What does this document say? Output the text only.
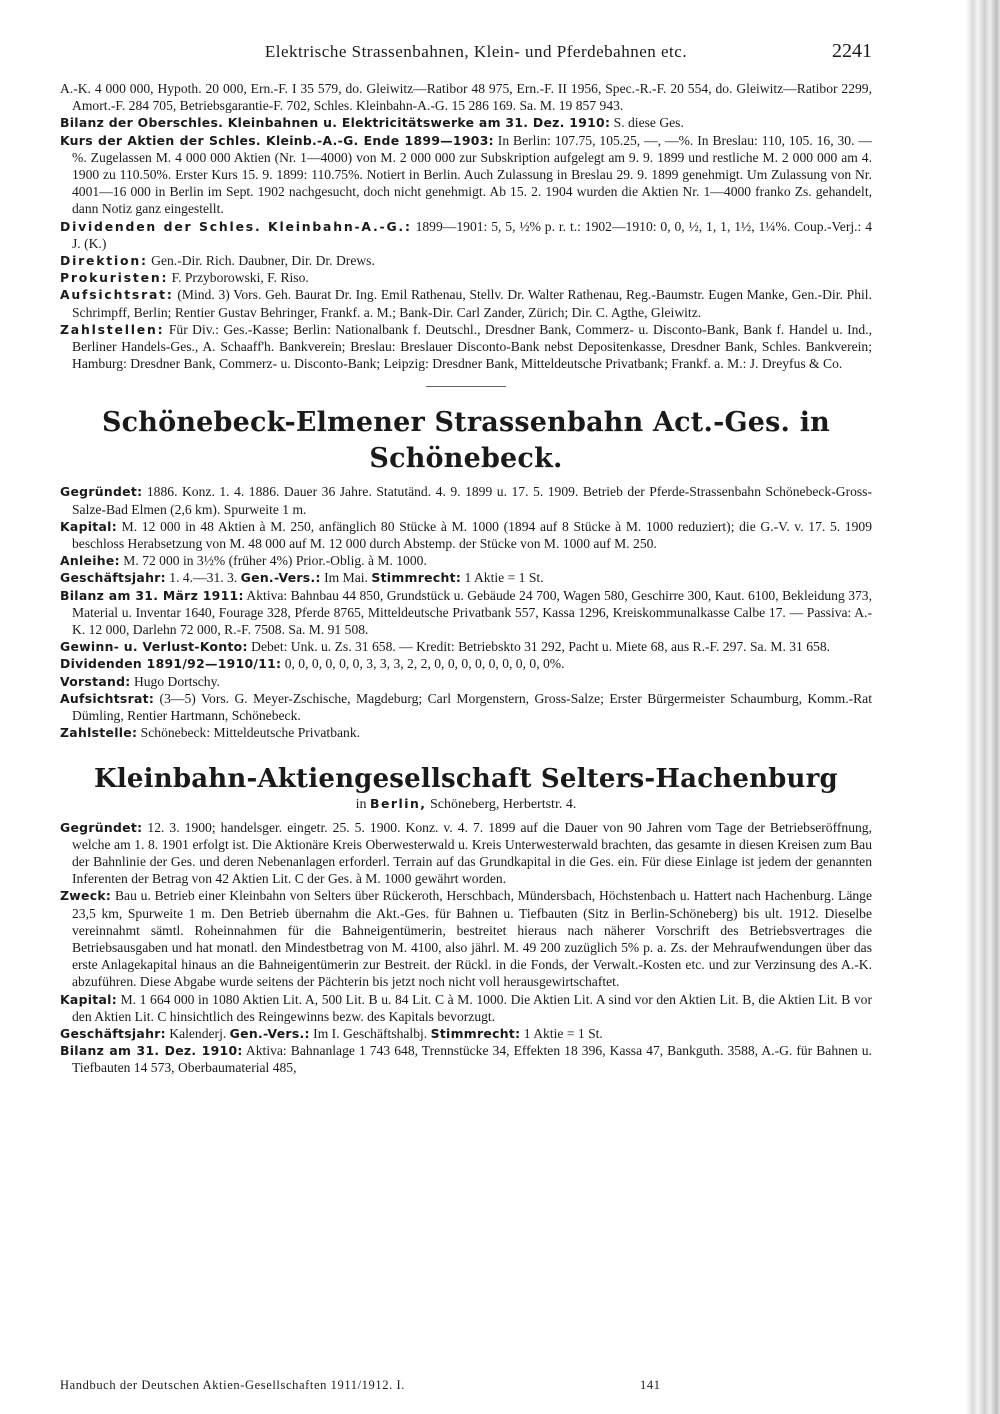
Elektrische Strassenbahnen, Klein- und Pferdebahnen etc.	2241

A.-K. 4 000 000, Hypoth. 20 000, Ern.-F. I 35 579, do. Gleiwitz—Ratibor 48 975, Ern.-F. II 1956, Spec.-R.-F. 20 554, do. Gleiwitz—Ratibor 2299, Amort.-F. 284 705, Betriebsgarantie-F. 702, Schles. Kleinbahn-A.-G. 15 286 169. Sa. M. 19 857 943.

Bilanz der Oberschles. Kleinbahnen u. Elektricitätswerke am 31. Dez. 1910: S. diese Ges.

Kurs der Aktien der Schles. Kleinb.-A.-G. Ende 1899—1903: In Berlin: 107.75, 105.25, —, —%. In Breslau: 110, 105. 16, 30. —%. Zugelassen M. 4 000 000 Aktien (Nr. 1—4000) von M. 2 000 000 zur Subskription aufgelegt am 9. 9. 1899 und restliche M. 2 000 000 am 4. 1900 zu 110.50%. Erster Kurs 15. 9. 1899: 110.75%. Notiert in Berlin. Auch Zulassung in Breslau 29. 9. 1899 genehmigt. Um Zulassung von Nr. 4001—16 000 in Berlin im Sept. 1902 nachgesucht, doch nicht genehmigt. Ab 15. 2. 1904 wurden die Aktien Nr. 1—4000 franko Zs. gehandelt, dann Notiz ganz eingestellt.

Dividenden der Schles. Kleinbahn-A.-G.: 1899—1901: 5, 5, ½% p. r. t.: 1902—1910: 0, 0, ½, 1, 1, 1½, 1¼%. Coup.-Verj.: 4 J. (K.)

Direktion: Gen.-Dir. Rich. Daubner, Dir. Dr. Drews.

Prokuristen: F. Przyborowski, F. Riso.

Aufsichtsrat: (Mind. 3) Vors. Geh. Baurat Dr. Ing. Emil Rathenau, Stellv. Dr. Walter Rathenau, Reg.-Baumstr. Eugen Manke, Gen.-Dir. Phil. Schrimpff, Berlin; Rentier Gustav Behringer, Frankf. a. M.; Bank-Dir. Carl Zander, Zürich; Dir. C. Agthe, Gleiwitz.

Zahlstellen: Für Div.: Ges.-Kasse; Berlin: Nationalbank f. Deutschl., Dresdner Bank, Commerz- u. Disconto-Bank, Bank f. Handel u. Ind., Berliner Handels-Ges., A. Schaaff'h. Bankverein; Breslau: Breslauer Disconto-Bank nebst Depositenkasse, Dresdner Bank, Schles. Bankverein; Hamburg: Dresdner Bank, Commerz- u. Disconto-Bank; Leipzig: Dresdner Bank, Mitteldeutsche Privatbank; Frankf. a. M.: J. Dreyfus & Co.

Schönebeck-Elmener Strassenbahn Act.-Ges. in Schönebeck.

Gegründet: 1886. Konz. 1. 4. 1886. Dauer 36 Jahre. Statutänd. 4. 9. 1899 u. 17. 5. 1909. Betrieb der Pferde-Strassenbahn Schönebeck-Gross-Salze-Bad Elmen (2,6 km). Spurweite 1 m.

Kapital: M. 12 000 in 48 Aktien à M. 250, anfänglich 80 Stücke à M. 1000 (1894 auf 8 Stücke à M. 1000 reduziert); die G.-V. v. 17. 5. 1909 beschloss Herabsetzung von M. 48 000 auf M. 12 000 durch Abstemp. der Stücke von M. 1000 auf M. 250.

Anleihe: M. 72 000 in 3½% (früher 4%) Prior.-Oblig. à M. 1000.

Geschäftsjahr: 1. 4.—31. 3. Gen.-Vers.: Im Mai. Stimmrecht: 1 Aktie = 1 St.

Bilanz am 31. März 1911: Aktiva: Bahnbau 44 850, Grundstück u. Gebäude 24 700, Wagen 580, Geschirre 300, Kaut. 6100, Bekleidung 373, Material u. Inventar 1640, Fourage 328, Pferde 8765, Mitteldeutsche Privatbank 557, Kassa 1296, Kreiskommunalkasse Calbe 17. — Passiva: A.-K. 12 000, Darlehn 72 000, R.-F. 7508. Sa. M. 91 508.

Gewinn- u. Verlust-Konto: Debet: Unk. u. Zs. 31 658. — Kredit: Betriebskto 31 292, Pacht u. Miete 68, aus R.-F. 297. Sa. M. 31 658.

Dividenden 1891/92—1910/11: 0, 0, 0, 0, 0, 0, 3, 3, 3, 2, 2, 0, 0, 0, 0, 0, 0, 0, 0, 0%.

Vorstand: Hugo Dortschy.

Aufsichtsrat: (3—5) Vors. G. Meyer-Zschische, Magdeburg; Carl Morgenstern, Gross-Salze; Erster Bürgermeister Schaumburg, Komm.-Rat Dümling, Rentier Hartmann, Schönebeck.

Zahlstelle: Schönebeck: Mitteldeutsche Privatbank.

Kleinbahn-Aktiengesellschaft Selters-Hachenburg
in Berlin, Schöneberg, Herbertstr. 4.

Gegründet: 12. 3. 1900; handelsger. eingetr. 25. 5. 1900. Konz. v. 4. 7. 1899 auf die Dauer von 90 Jahren vom Tage der Betriebseröffnung, welche am 1. 8. 1901 erfolgt ist. Die Aktionäre Kreis Oberwesterwald u. Kreis Unterwesterwald brachten, das gesamte in diesen Kreisen zum Bau der Bahnlinie der Ges. und deren Nebenanlagen erforderl. Terrain auf das Grundkapital in die Ges. ein. Für diese Einlage ist jedem der genannten Inferenten der Betrag von 42 Aktien Lit. C der Ges. à M. 1000 gewährt worden.

Zweck: Bau u. Betrieb einer Kleinbahn von Selters über Rückeroth, Herschbach, Mündersbach, Höchstenbach u. Hattert nach Hachenburg. Länge 23,5 km, Spurweite 1 m. Den Betrieb übernahm die Akt.-Ges. für Bahnen u. Tiefbauten (Sitz in Berlin-Schöneberg) bis ult. 1912. Dieselbe vereinnahmt sämtl. Roheinnahmen für die Bahneigentümerin, bestreitet hieraus nach näherer Vorschrift des Betriebsvertrages die Betriebsausgaben und hat monatl. den Mindestbetrag von M. 4100, also jährl. M. 49 200 zuzüglich 5% p. a. Zs. der Mehraufwendungen über das erste Anlagekapital hinaus an die Bahneigentümerin zur Bestreit. der Rückl. in die Fonds, der Verwalt.-Kosten etc. und zur Verzinsung des A.-K. abzuführen. Diese Abgabe wurde seitens der Pächterin bis jetzt noch nicht voll herausgewirtschaftet.

Kapital: M. 1 664 000 in 1080 Aktien Lit. A, 500 Lit. B u. 84 Lit. C à M. 1000. Die Aktien Lit. A sind vor den Aktien Lit. B, die Aktien Lit. B vor den Aktien Lit. C hinsichtlich des Reingewinns bezw. des Kapitals bevorzugt.

Geschäftsjahr: Kalenderj. Gen.-Vers.: Im I. Geschäftshalbj. Stimmrecht: 1 Aktie = 1 St.

Bilanz am 31. Dez. 1910: Aktiva: Bahnanlage 1 743 648, Trennstücke 34, Effekten 18 396, Kassa 47, Bankguth. 3588, A.-G. für Bahnen u. Tiefbauten 14 573, Oberbaumaterial 485,

Handbuch der Deutschen Aktien-Gesellschaften 1911/1912. I.	141
